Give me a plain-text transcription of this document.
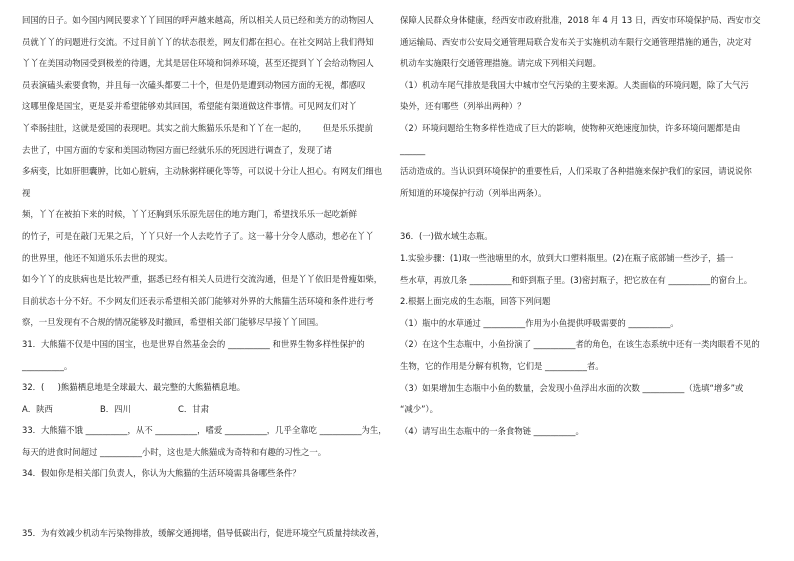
回国的日子。如今国内网民要求丫丫回国的呼声越来越高，所以相关人员已经和美方的动物园人

员就丫丫的问题进行交流。不过目前丫丫的状态很差，网友们都在担心。在社交网站上我们得知

丫丫在美国动物园受到极差的待遇，尤其是居住环境和饲养环境，甚至还提到丫丫会给动物园人

员表演磕头索要食物，并且每一次磕头都要二十个，但是仍是遭到动物园方面的无视，都感叹

这哪里像是国宝，更是妥并希望能够劝其回国，希望能有渠道做这件事情。可见网友们对丫

丫牵肠挂肚，这就是爱国的表现吧。其实之前大熊猫乐乐是和丫丫在一起的，      但是乐乐提前

去世了，中国方面的专家和美国动物园方面已经就乐乐的死因进行调查了，发现了诸

多病变，比如肝胆囊肿，比如心脏病，主动脉粥样硬化等等，可以说十分让人担心。有网友们细也视

频，丫丫在被拍下来的时候，丫丫还胸到乐乐原先居住的地方跑门，希望找乐乐一起吃新鲜

的竹子，可是在敲门无果之后，丫丫只好一个人去吃竹子了。这一幕十分令人感动，想必在丫丫

的世界里，他还不知道乐乐去世的现实。

如今丫丫的皮肤病也是比较严重，据悉已经有相关人员进行交流沟通，但是丫丫依旧是骨瘦如柴，

目前状态十分不好。不少网友们还表示希望相关部门能够对外界的大熊猫生活环境和条件进行考

察，一旦发现有不合规的情况能够及时撤回，希望相关部门能够尽早接丫丫回国。

31．大熊猫不仅是中国的国宝，也是世界自然基金会的 __________ 和世界生物多样性保护的

__________。

32．(     )熊猫栖息地是全球最大、最完整的大熊猫栖息地。

A．陕西	B．四川	C．甘肃

33．大熊猫不饿 __________，从不 __________，嗜爱 __________，几乎全靠吃 __________为生，

每天的进食时间超过 __________小时，这也是大熊猫成为奇特和有趣的习性之一。

34．假如你是相关部门负责人，你认为大熊猫的生活环境需具备哪些条件？

35．为有效减少机动车污染物排放，缓解交通拥堵，倡导低碳出行，促进环境空气质量持续改善，

保障人民群众身体健康，经西安市政府批准，2018 年 4 月 13 日，西安市环境保护局、西安市交

通运输局、西安市公安局交通管理局联合发布关于实施机动车限行交通管理措施的通告，决定对

机动车实施限行交通管理措施。请完成下列相关问题。

（1）机动车尾气排放是我国大中城市空气污染的主要来源。人类面临的环境问题，除了大气污

染外，还有哪些（列举出两种）？

（2）环境问题给生物多样性造成了巨大的影响，使物种灭绝速度加快，许多环境问题都是由 ______

活动造成的。当认识到环境保护的重要性后，人们采取了各种措施来保护我们的家园，请说说你

所知道的环境保护行动（列举出两条）。

36．(一)做水域生态瓶。

1.实验步骤：(1)取一些池塘里的水，放到大口塑料瓶里。(2)在瓶子底部铺一些沙子，插一

些水草，再放几条 __________和虾到瓶子里。(3)密封瓶子，把它放在有 __________的窗台上。

2.根据上面完成的生态瓶，回答下列问题

（1）瓶中的水草通过 __________作用为小鱼提供呼吸需要的 __________。

（2）在这个生态瓶中，小鱼扮演了 __________者的角色，在该生态系统中还有一类肉眼看不见的

生物，它的作用是分解有机物，它们是 __________者。

（3）如果增加生态瓶中小鱼的数量，会发现小鱼浮出水面的次数 __________（选填“增多”或

“减少”）。

（4）请写出生态瓶中的一条食物链 __________。
